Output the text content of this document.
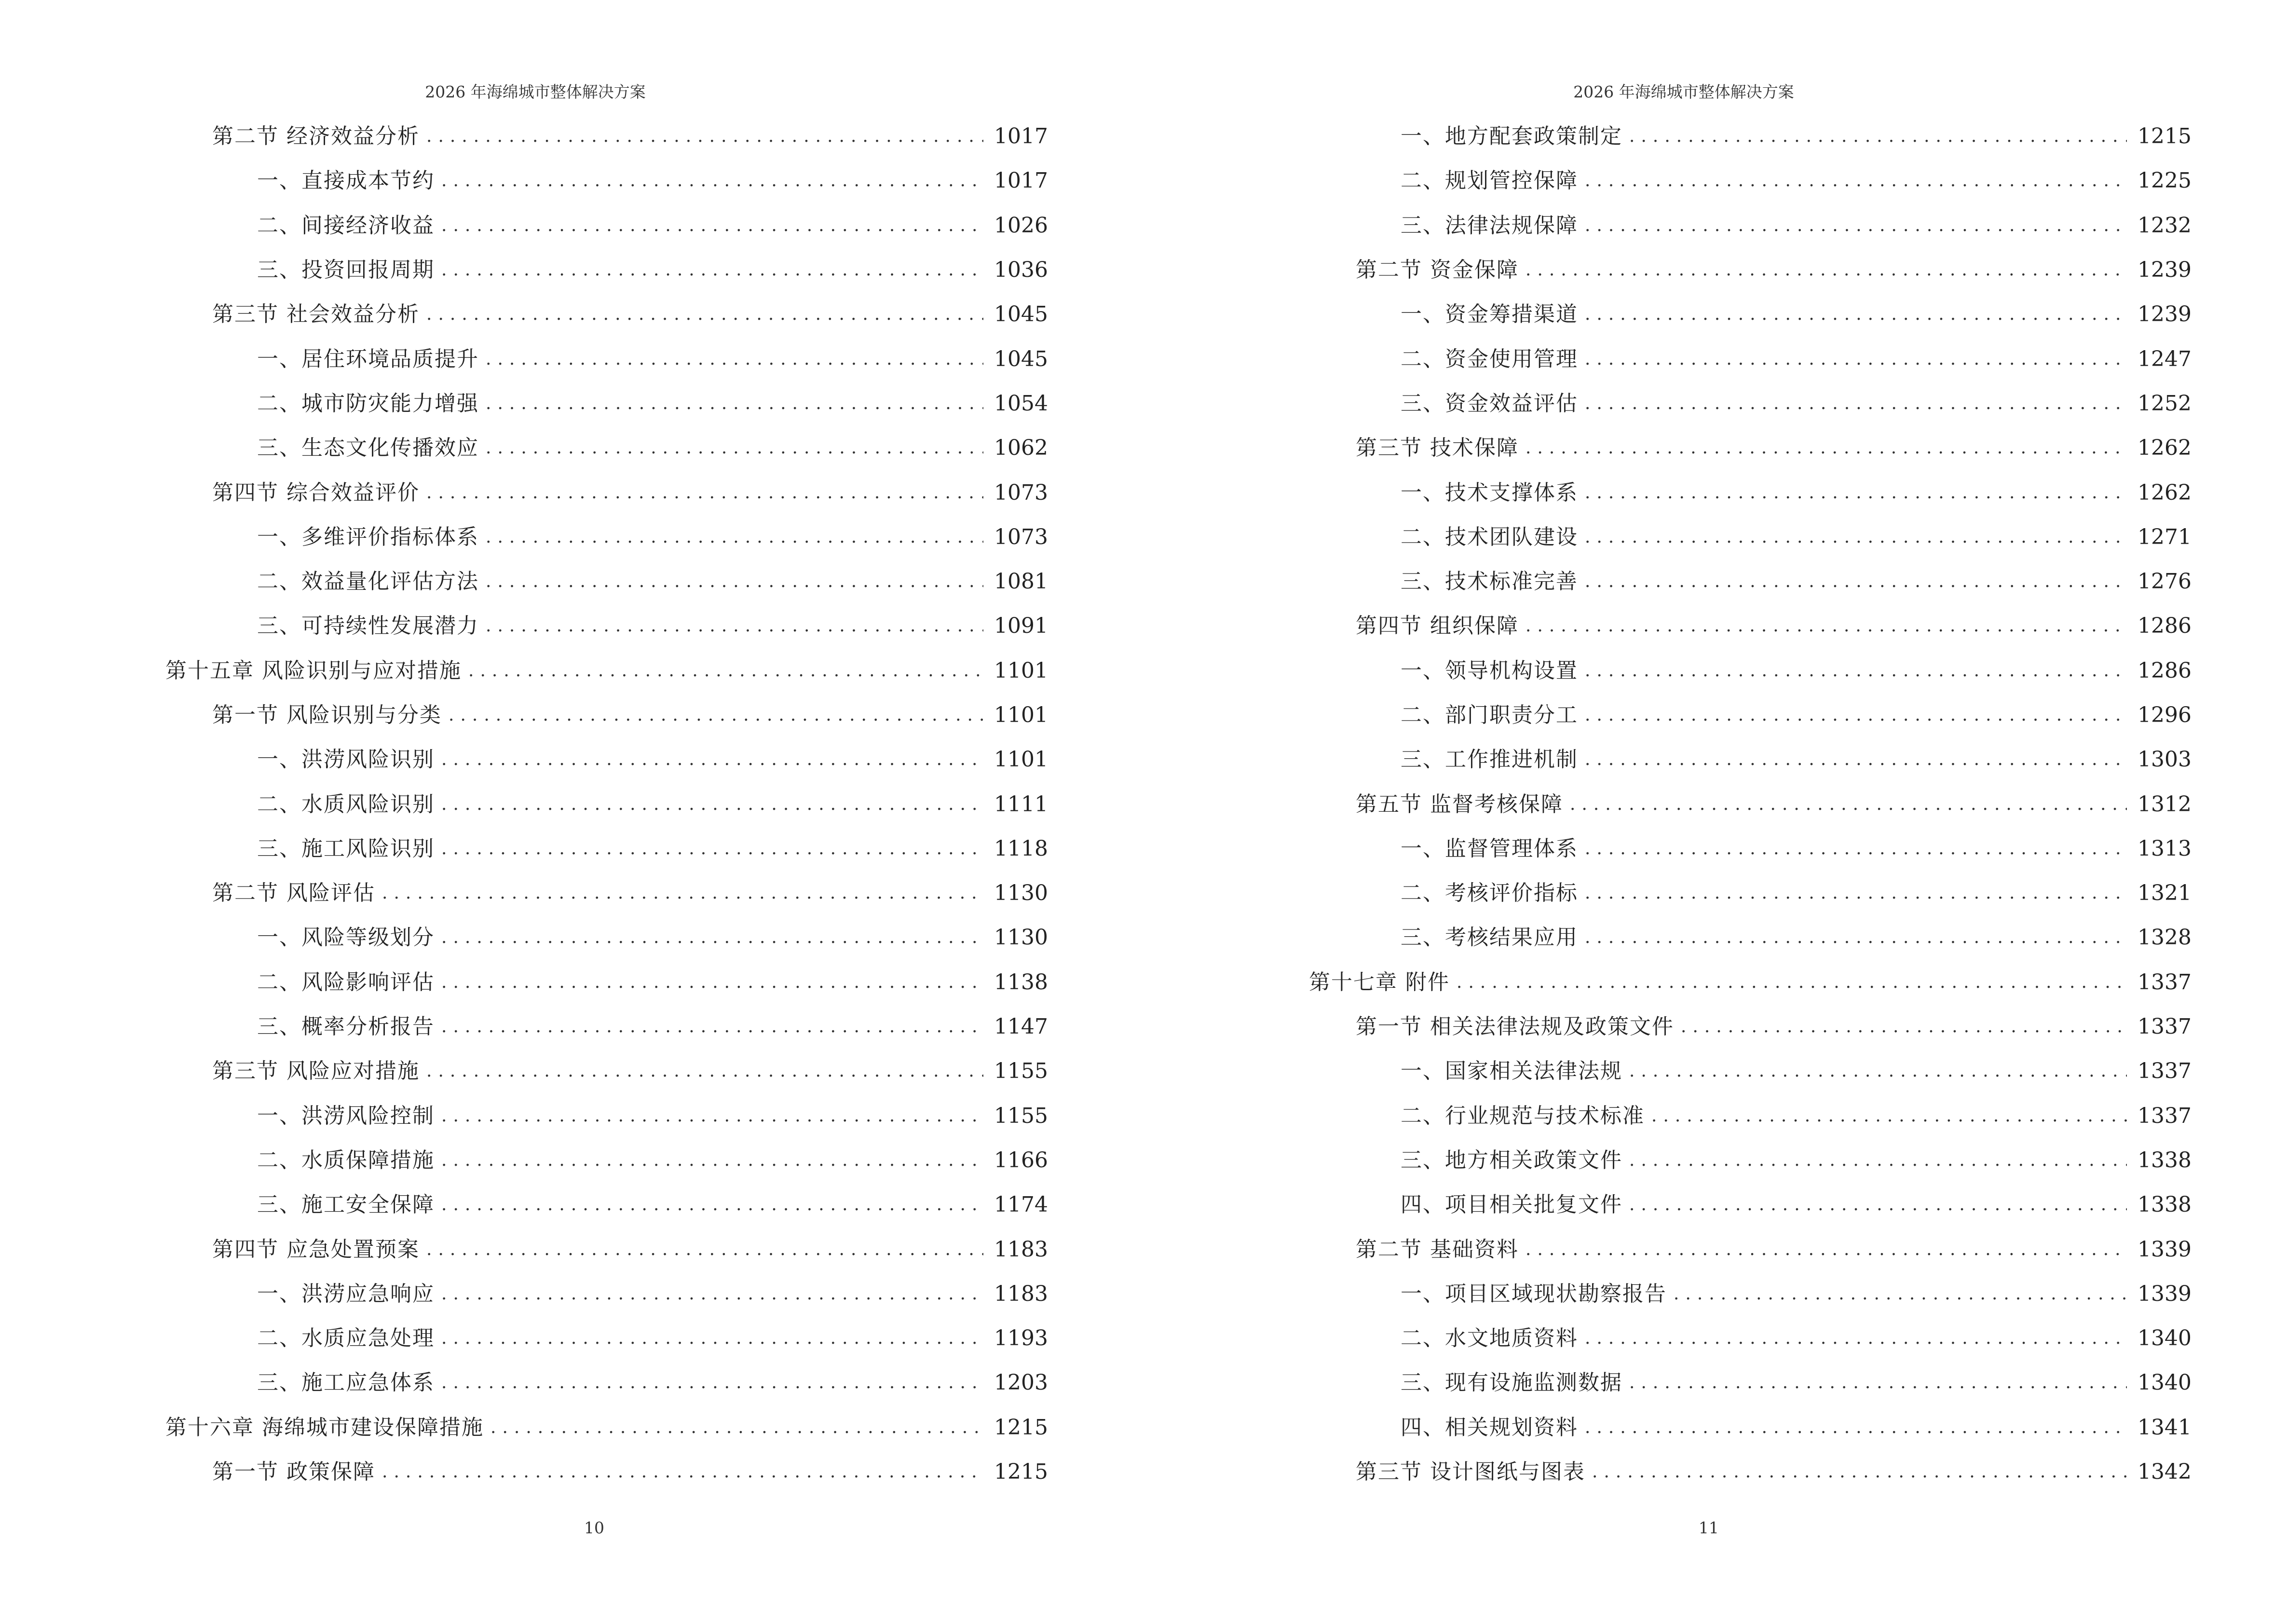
2026 年海绵城市整体解决方案
第二节 经济效益分析 .....	1017
一、直接成本节约 .....	1017
二、间接经济收益 .....	1026
三、投资回报周期 .....	1036
第三节 社会效益分析 .....	1045
一、居住环境品质提升 .....	1045
二、城市防灾能力增强 .....	1054
三、生态文化传播效应 .....	1062
第四节 综合效益评价 .....	1073
一、多维评价指标体系 .....	1073
二、效益量化评估方法 .....	1081
三、可持续性发展潜力 .....	1091
第十五章 风险识别与应对措施 .....	1101
第一节 风险识别与分类 .....	1101
一、洪涝风险识别 .....	1101
二、水质风险识别 .....	1111
三、施工风险识别 .....	1118
第二节 风险评估 .....	1130
一、风险等级划分 .....	1130
二、风险影响评估 .....	1138
三、概率分析报告 .....	1147
第三节 风险应对措施 .....	1155
一、洪涝风险控制 .....	1155
二、水质保障措施 .....	1166
三、施工安全保障 .....	1174
第四节 应急处置预案 .....	1183
一、洪涝应急响应 .....	1183
二、水质应急处理 .....	1193
三、施工应急体系 .....	1203
第十六章 海绵城市建设保障措施 .....	1215
第一节 政策保障 .....	1215
10
2026 年海绵城市整体解决方案
一、地方配套政策制定 .....	1215
二、规划管控保障 .....	1225
三、法律法规保障 .....	1232
第二节 资金保障 .....	1239
一、资金筹措渠道 .....	1239
二、资金使用管理 .....	1247
三、资金效益评估 .....	1252
第三节 技术保障 .....	1262
一、技术支撑体系 .....	1262
二、技术团队建设 .....	1271
三、技术标准完善 .....	1276
第四节 组织保障 .....	1286
一、领导机构设置 .....	1286
二、部门职责分工 .....	1296
三、工作推进机制 .....	1303
第五节 监督考核保障 .....	1312
一、监督管理体系 .....	1313
二、考核评价指标 .....	1321
三、考核结果应用 .....	1328
第十七章 附件 .....	1337
第一节 相关法律法规及政策文件 .....	1337
一、国家相关法律法规 .....	1337
二、行业规范与技术标准 .....	1337
三、地方相关政策文件 .....	1338
四、项目相关批复文件 .....	1338
第二节 基础资料 .....	1339
一、项目区域现状勘察报告 .....	1339
二、水文地质资料 .....	1340
三、现有设施监测数据 .....	1340
四、相关规划资料 .....	1341
第三节 设计图纸与图表 .....	1342
11
